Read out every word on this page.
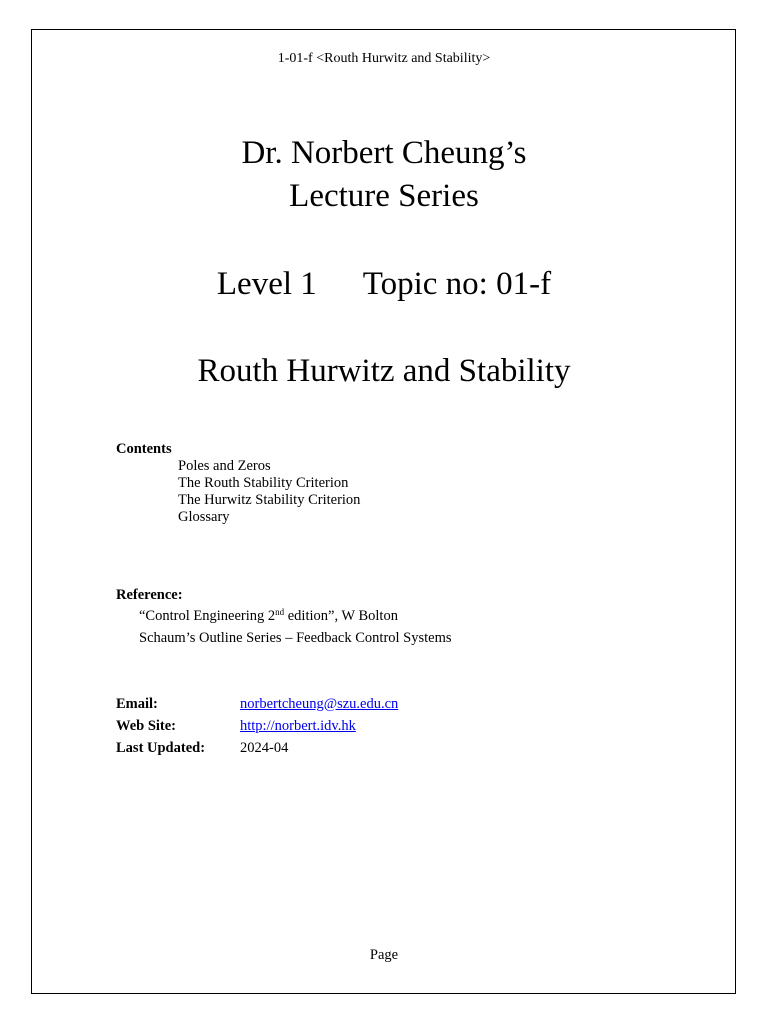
1-01-f <Routh Hurwitz and Stability>
Dr. Norbert Cheung’s
Lecture Series
Level 1 Topic no: 01-f
Routh Hurwitz and Stability
Contents
Poles and Zeros
The Routh Stability Criterion
The Hurwitz Stability Criterion
Glossary
Reference:
“Control Engineering 2nd edition”, W Bolton
Schaum’s Outline Series – Feedback Control Systems
Email:	norbertcheung@szu.edu.cn
Web Site:	http://norbert.idv.hk
Last Updated: 2024-04
Page
